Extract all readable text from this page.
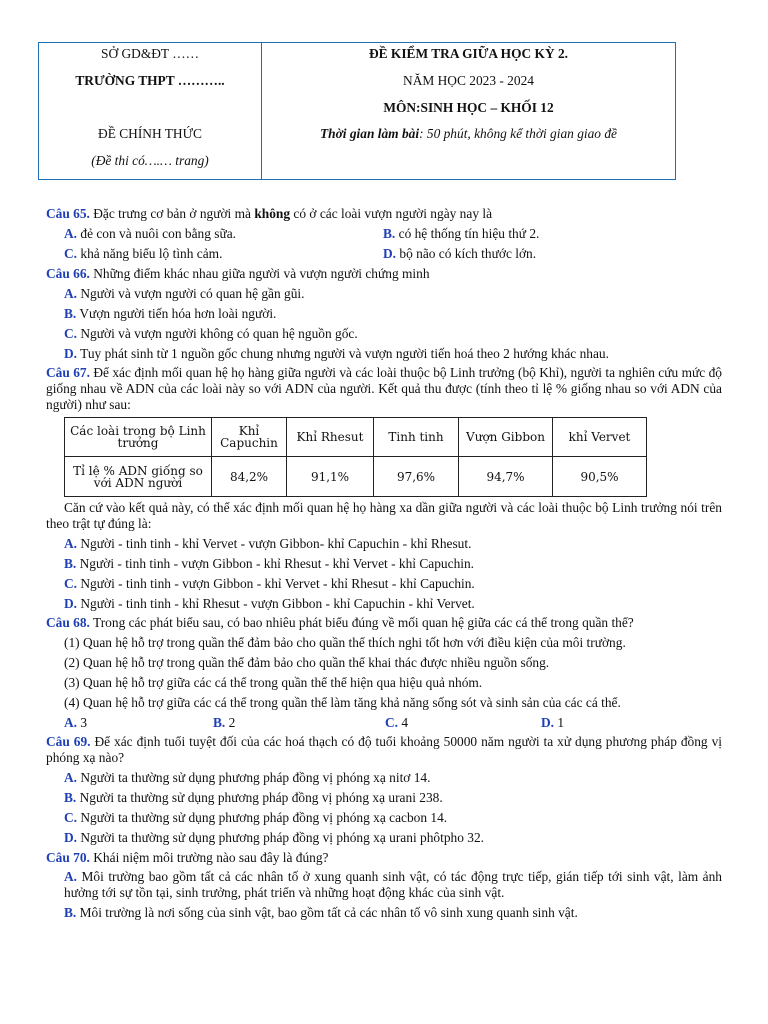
SỞ GD&ĐT ……
TRƯỜNG THPT ………..
ĐỀ CHÍNH THỨC
(Đề thi có….… trang)
ĐỀ KIỂM TRA GIỮA HỌC KỲ 2.
NĂM HỌC 2023 - 2024
MÔN:SINH HỌC – KHỐI 12
Thời gian làm bài: 50 phút, không kể thời gian giao đề

Câu 65. Đặc trưng cơ bản ở người mà không có ở các loài vượn người ngày nay là

A. đẻ con và nuôi con bằng sữa.	B. có hệ thống tín hiệu thứ 2.
C. khả năng biểu lộ tình cảm.	D. bộ não có kích thước lớn.

Câu 66. Những điểm khác nhau giữa người và vượn người chứng minh

A. Người và vượn người có quan hệ gần gũi.
B. Vượn người tiến hóa hơn loài người.
C. Người và vượn người không có quan hệ nguồn gốc.
D. Tuy phát sinh từ 1 nguồn gốc chung nhưng người và vượn người tiến hoá theo 2 hướng khác nhau.

Câu 67. Để xác định mối quan hệ họ hàng giữa người và các loài thuộc bộ Linh trưởng (bộ Khỉ), người ta nghiên cứu mức độ giống nhau về ADN của các loài này so với ADN của người. Kết quả thu được (tính theo tỉ lệ % giống nhau so với ADN của người) như sau:

Các loài trong bộ Linh trưởng	Khỉ Capuchin	Khỉ Rhesut	Tinh tinh	Vượn Gibbon	khỉ Vervet
Tỉ lệ % ADN giống so với ADN người	84,2%	91,1%	97,6%	94,7%	90,5%
Căn cứ vào kết quả này, có thể xác định mối quan hệ họ hàng xa dần giữa người và các loài thuộc bộ Linh trưởng nói trên theo trật tự đúng là:
A. Người - tinh tinh - khỉ Vervet - vượn Gibbon- khỉ Capuchin - khỉ Rhesut.
B. Người - tinh tinh - vượn Gibbon - khỉ Rhesut - khỉ Vervet - khỉ Capuchin.
C. Người - tinh tinh - vượn Gibbon - khỉ Vervet - khỉ Rhesut - khỉ Capuchin.
D. Người - tinh tinh - khỉ Rhesut - vượn Gibbon - khỉ Capuchin - khỉ Vervet.

Câu 68. Trong các phát biểu sau, có bao nhiêu phát biểu đúng về mối quan hệ giữa các cá thể trong quần thể?

(1) Quan hệ hỗ trợ trong quần thể đảm bảo cho quần thể thích nghi tốt hơn với điều kiện của môi trường.
(2) Quan hệ hỗ trợ trong quần thể đảm bảo cho quần thể khai thác được nhiều nguồn sống.
(3) Quan hệ hỗ trợ giữa các cá thể trong quần thể thể hiện qua hiệu quả nhóm.
(4) Quan hệ hỗ trợ giữa các cá thể trong quần thể làm tăng khả năng sống sót và sinh sản của các cá thể.
A. 3	B. 2	C. 4	D. 1

Câu 69. Để xác định tuổi tuyệt đối của các hoá thạch có độ tuổi khoảng 50000 năm người ta xử dụng phương pháp đồng vị phóng xạ nào?

A. Người ta thường sử dụng phương pháp đồng vị phóng xạ nitơ 14.
B. Người ta thường sử dụng phương pháp đồng vị phóng xạ urani 238.
C. Người ta thường sử dụng phương pháp đồng vị phóng xạ cacbon 14.
D. Người ta thường sử dụng phương pháp đồng vị phóng xạ urani phôtpho 32.

Câu 70. Khái niệm môi trường nào sau đây là đúng?

A. Môi trường bao gồm tất cả các nhân tố ở xung quanh sinh vật, có tác động trực tiếp, gián tiếp tới sinh vật, làm ảnh hưởng tới sự tồn tại, sinh trưởng, phát triển và những hoạt động khác của sinh vật.
B. Môi trường là nơi sống của sinh vật, bao gồm tất cả các nhân tố vô sinh xung quanh sinh vật.
